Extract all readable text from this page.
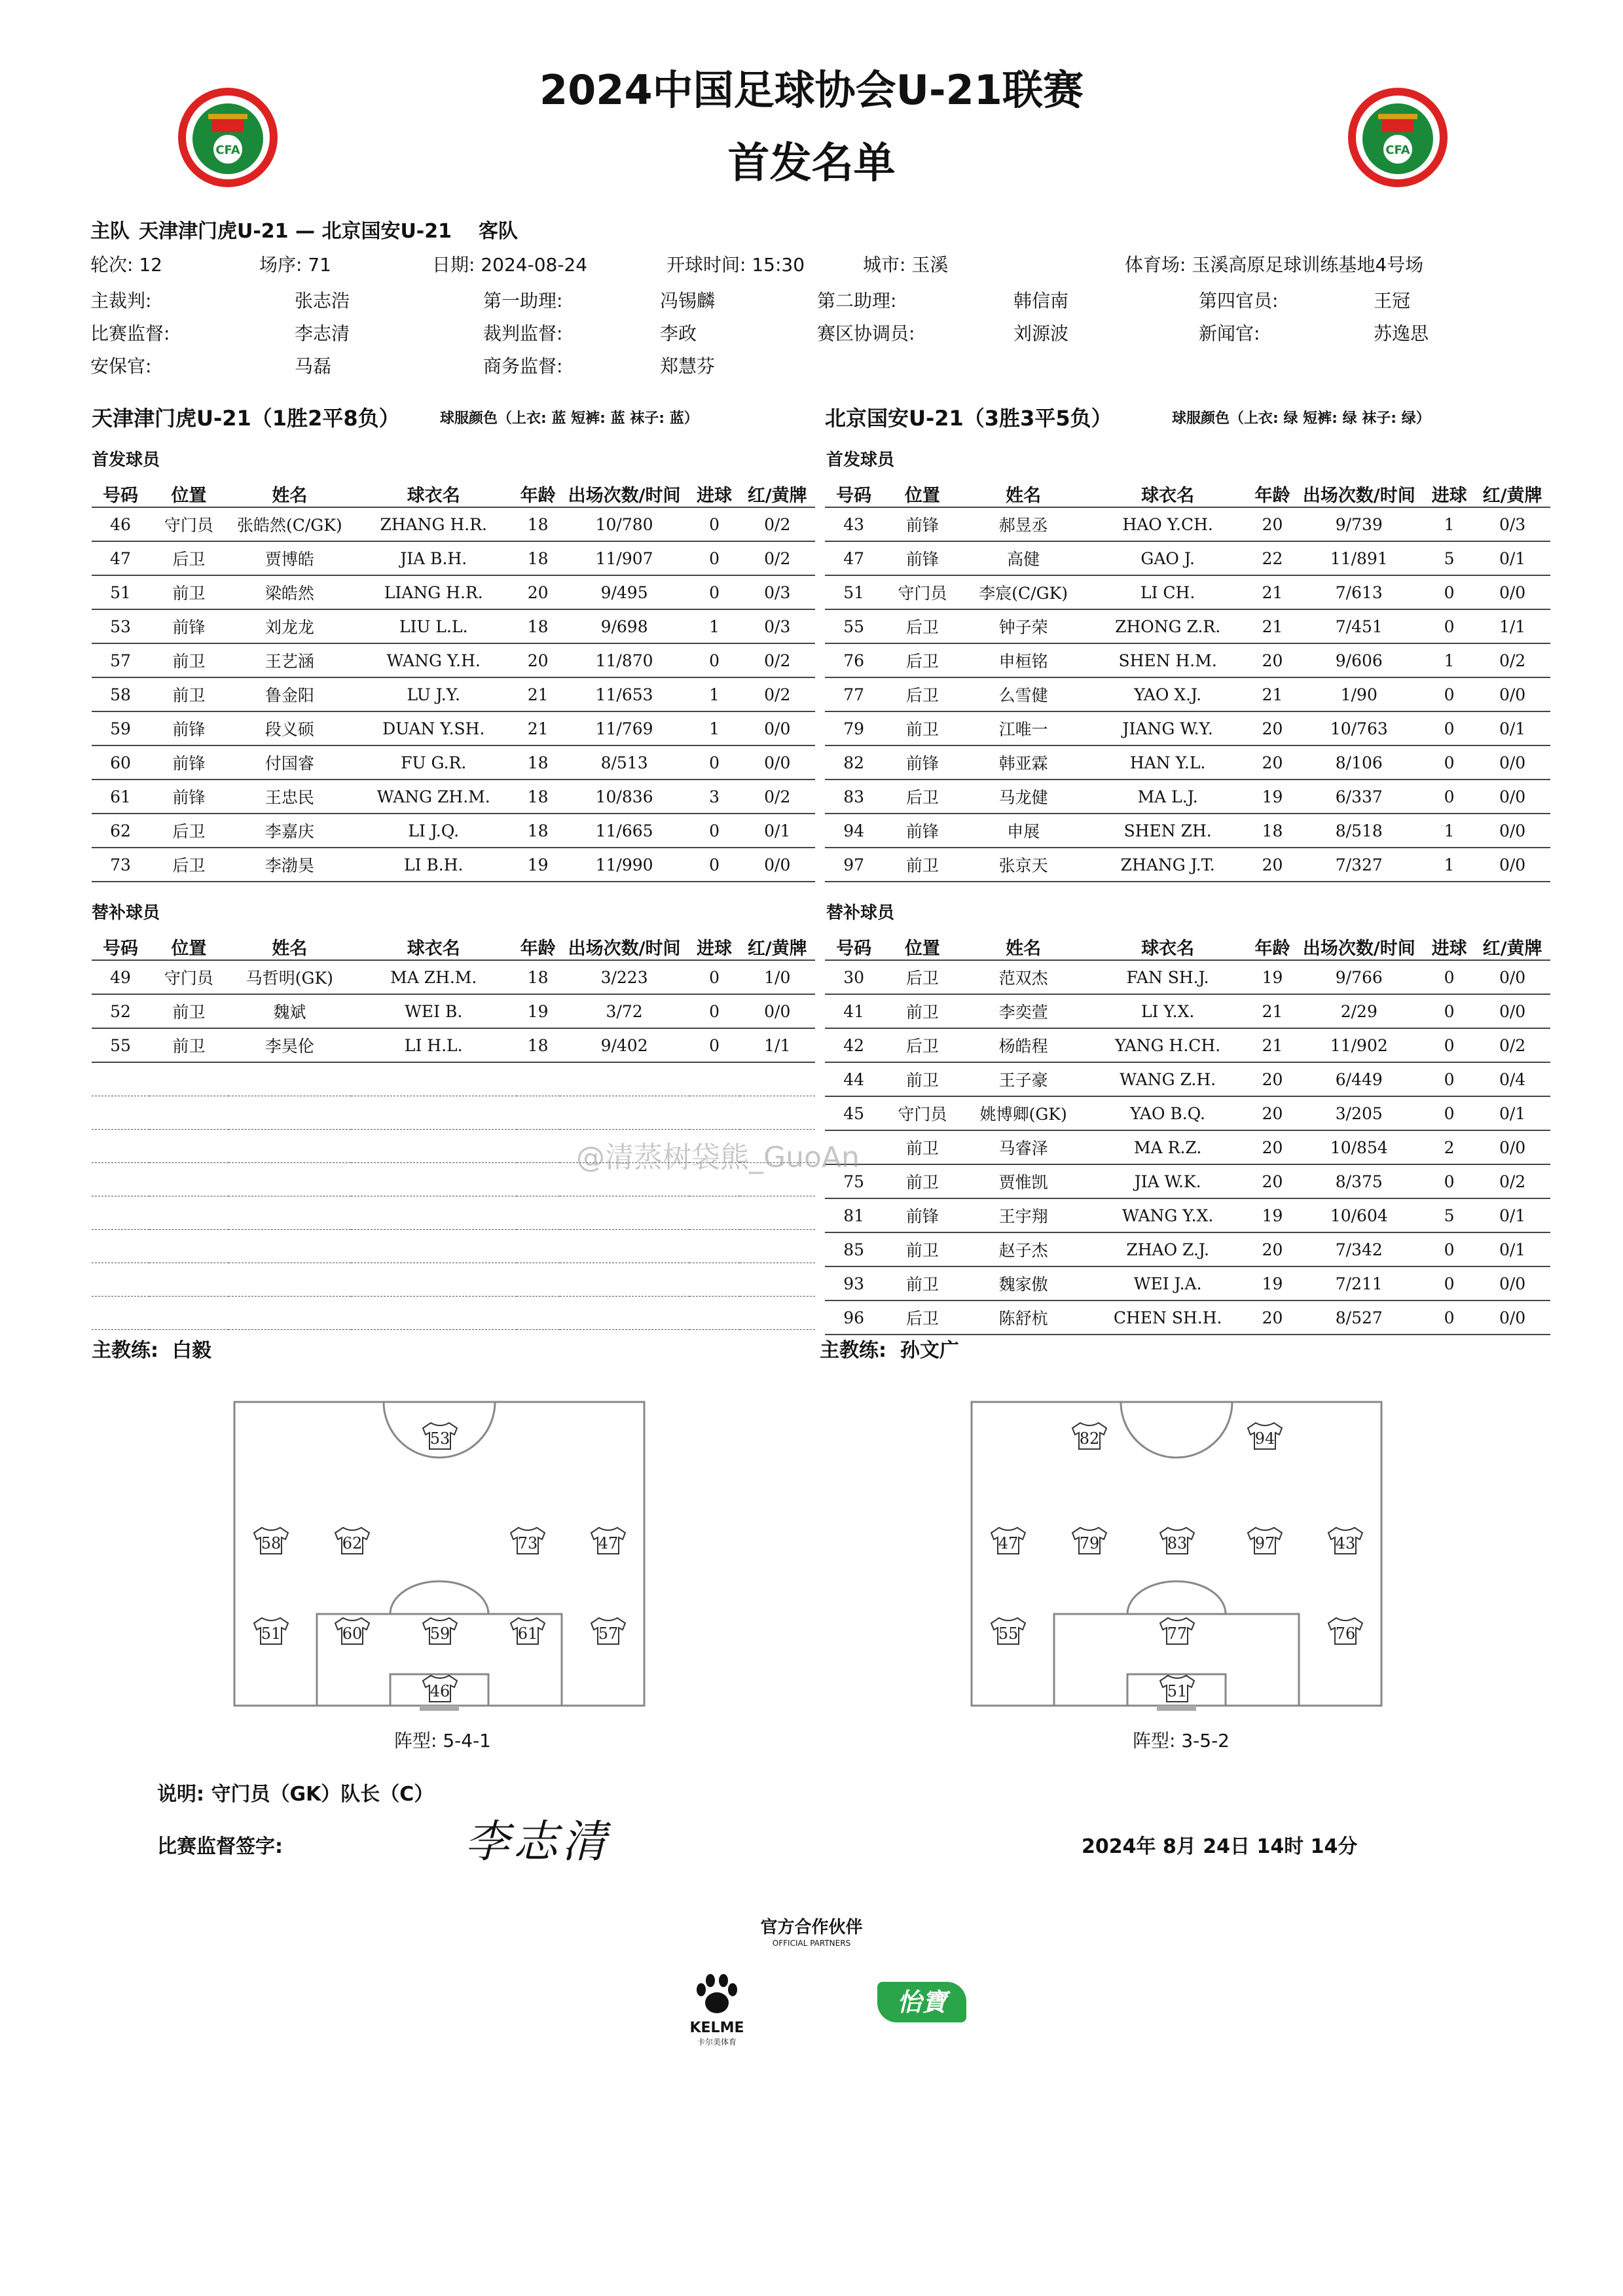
2024中国足球协会U-21联赛
首发名单
CFA	CFA
主队 天津津门虎U-21 — 北京国安U-21 客队
轮次: 12	场序: 71	日期: 2024-08-24	开球时间: 15:30	城市: 玉溪	体育场: 玉溪高原足球训练基地4号场
主裁判:	张志浩	第一助理:	冯锡麟	第二助理:	韩信南	第四官员:	王冠
比赛监督:	李志清	裁判监督:	李政	赛区协调员:	刘源波	新闻官:	苏逸思
安保官:	马磊	商务监督:	郑慧芬
天津津门虎U-21（1胜2平8负）	球服颜色（上衣: 蓝 短裤: 蓝 袜子: 蓝）	北京国安U-21（3胜3平5负）	球服颜色（上衣: 绿 短裤: 绿 袜子: 绿）
首发球员	首发球员
号码	位置	姓名	球衣名	年龄	出场次数/时间	进球	红/黄牌
46	守门员	张皓然(C/GK)	ZHANG H.R.	18	10/780	0	0/2
47	后卫	贾博皓	JIA B.H.	18	11/907	0	0/2
51	前卫	梁皓然	LIANG H.R.	20	9/495	0	0/3
53	前锋	刘龙龙	LIU L.L.	18	9/698	1	0/3
57	前卫	王艺涵	WANG Y.H.	20	11/870	0	0/2
58	前卫	鲁金阳	LU J.Y.	21	11/653	1	0/2
59	前锋	段义硕	DUAN Y.SH.	21	11/769	1	0/0
60	前锋	付国睿	FU G.R.	18	8/513	0	0/0
61	前锋	王忠民	WANG ZH.M.	18	10/836	3	0/2
62	后卫	李嘉庆	LI J.Q.	18	11/665	0	0/1
73	后卫	李渤昊	LI B.H.	19	11/990	0	0/0
号码	位置	姓名	球衣名	年龄	出场次数/时间	进球	红/黄牌
43	前锋	郝昱丞	HAO Y.CH.	20	9/739	1	0/3
47	前锋	高健	GAO J.	22	11/891	5	0/1
51	守门员	李宸(C/GK)	LI CH.	21	7/613	0	0/0
55	后卫	钟子荣	ZHONG Z.R.	21	7/451	0	1/1
76	后卫	申桓铭	SHEN H.M.	20	9/606	1	0/2
77	后卫	么雪健	YAO X.J.	21	1/90	0	0/0
79	前卫	江唯一	JIANG W.Y.	20	10/763	0	0/1
82	前锋	韩亚霖	HAN Y.L.	20	8/106	0	0/0
83	后卫	马龙健	MA L.J.	19	6/337	0	0/0
94	前锋	申展	SHEN ZH.	18	8/518	1	0/0
97	前卫	张京天	ZHANG J.T.	20	7/327	1	0/0
替补球员	替补球员
号码	位置	姓名	球衣名	年龄	出场次数/时间	进球	红/黄牌
49	守门员	马哲明(GK)	MA ZH.M.	18	3/223	0	1/0
52	前卫	魏斌	WEI B.	19	3/72	0	0/0
55	前卫	李昊伦	LI H.L.	18	9/402	0	1/1

号码	位置	姓名	球衣名	年龄	出场次数/时间	进球	红/黄牌
30	后卫	范双杰	FAN SH.J.	19	9/766	0	0/0
41	前卫	李奕萱	LI Y.X.	21	2/29	0	0/0
42	后卫	杨皓程	YANG H.CH.	21	11/902	0	0/2
44	前卫	王子豪	WANG Z.H.	20	6/449	0	0/4
45	守门员	姚博卿(GK)	YAO B.Q.	20	3/205	0	0/1
	前卫	马睿泽	MA R.Z.	20	10/854	2	0/0
75	前卫	贾惟凯	JIA W.K.	20	8/375	0	0/2
81	前锋	王宇翔	WANG Y.X.	19	10/604	5	0/1
85	前卫	赵子杰	ZHAO Z.J.	20	7/342	0	0/1
93	前卫	魏家傲	WEI J.A.	19	7/211	0	0/0
96	后卫	陈舒杭	CHEN SH.H.	20	8/527	0	0/0
@清蒸树袋熊_GuoAn
主教练: 白毅	主教练: 孙文广
53
58	62	73	47
51	60	59	61	57
46
82	94
47	79	83	97	43
55	77	76
51
阵型: 5-4-1	阵型: 3-5-2
说明: 守门员（GK）队长（C）
比赛监督签字:	李志清	2024年 8月 24日 14时 14分
官方合作伙伴
OFFICIAL PARTNERS
KELME
卡尔美体育
怡寶
